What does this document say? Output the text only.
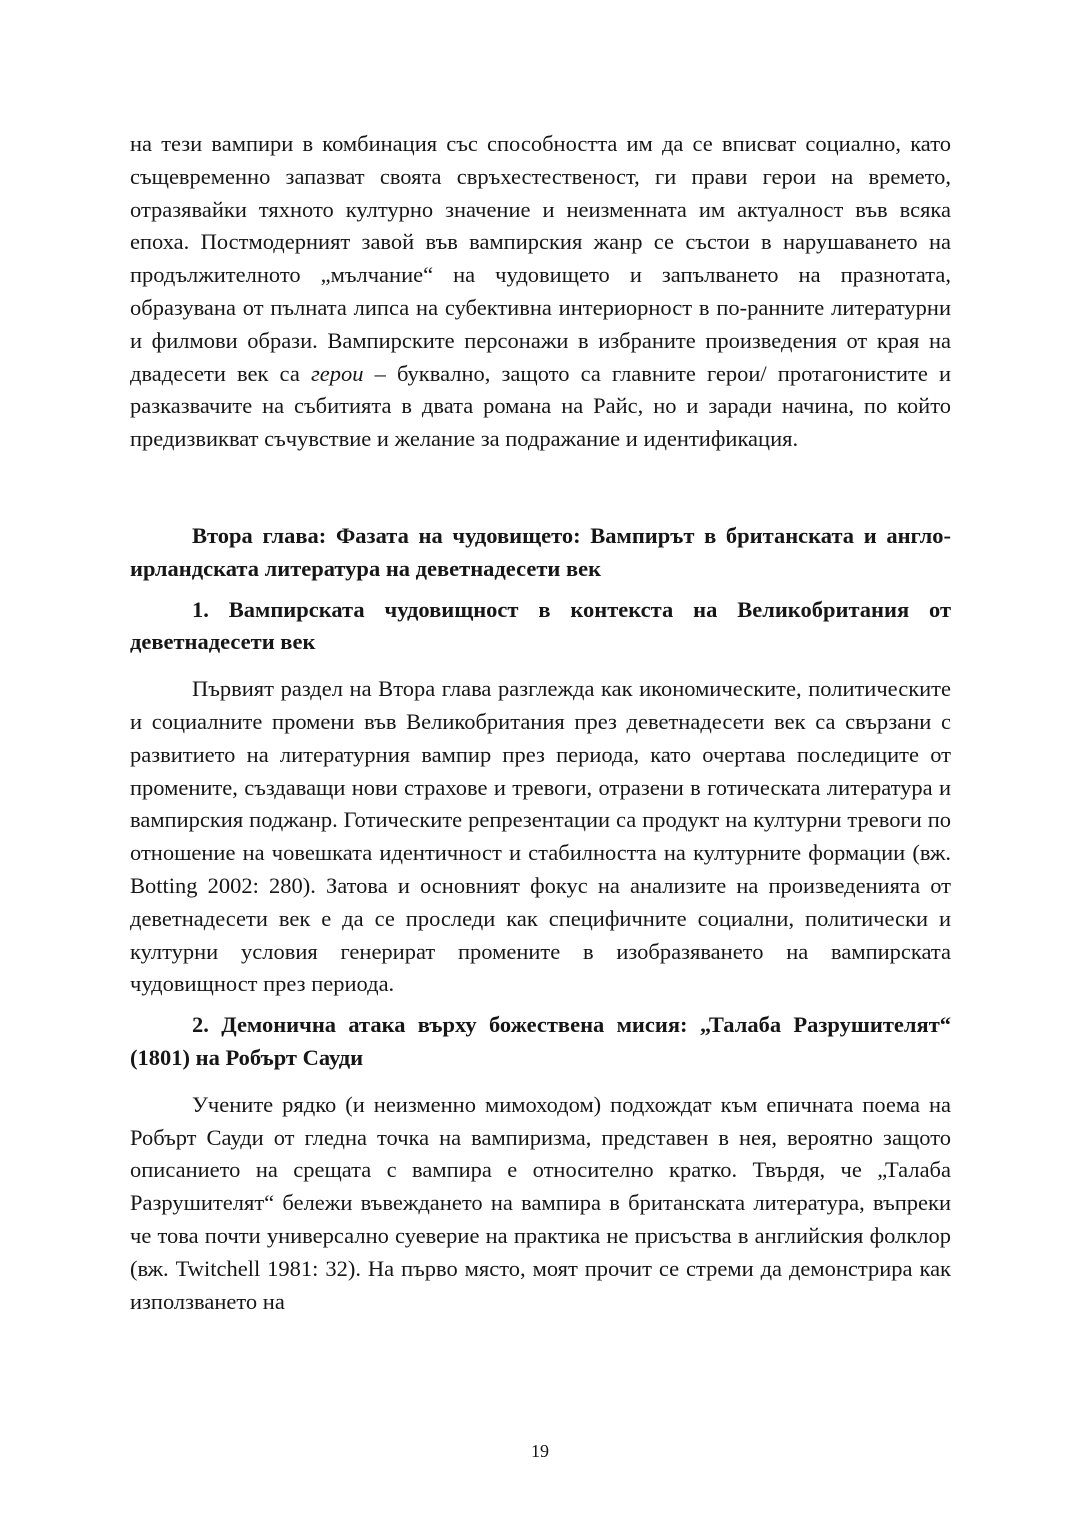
на тези вампири в комбинация със способността им да се вписват социално, като същевременно запазват своята свръхестественост, ги прави герои на времето, отразявайки тяхното културно значение и неизменната им актуалност във всяка епоха. Постмодерният завой във вампирския жанр се състои в нарушаването на продължителното „мълчание“ на чудовището и запълването на празнотата, образувана от пълната липса на субективна интериорност в по-ранните литературни и филмови образи. Вампирските персонажи в избраните произведения от края на двадесети век са герои – буквално, защото са главните герои/ протагонистите и разказвачите на събитията в двата романа на Райс, но и заради начина, по който предизвикват съчувствие и желание за подражание и идентификация.

Втора глава: Фазата на чудовището: Вампирът в британската и англо-ирландската литература на деветнадесети век
1. Вампирската чудовищност в контекста на Великобритания от деветнадесети век

Първият раздел на Втора глава разглежда как икономическите, политическите и социалните промени във Великобритания през деветнадесети век са свързани с развитието на литературния вампир през периода, като очертава последиците от промените, създаващи нови страхове и тревоги, отразени в готическата литература и вампирския поджанр. Готическите репрезентации са продукт на културни тревоги по отношение на човешката идентичност и стабилността на културните формации (вж. Botting 2002: 280). Затова и основният фокус на анализите на произведенията от деветнадесети век е да се проследи как специфичните социални, политически и културни условия генерират промените в изобразяването на вампирската чудовищност през периода.

2. Демонична атака върху божествена мисия: „Талаба Разрушителят“ (1801) на Робърт Сауди

Учените рядко (и неизменно мимоходом) подхождат към епичната поема на Робърт Сауди от гледна точка на вампиризма, представен в нея, вероятно защото описанието на срещата с вампира е относително кратко. Твърдя, че „Талаба Разрушителят“ бележи въвеждането на вампира в британската литература, въпреки че това почти универсално суеверие на практика не присъства в английския фолклор (вж. Twitchell 1981: 32). На първо място, моят прочит се стреми да демонстрира как използването на

19
